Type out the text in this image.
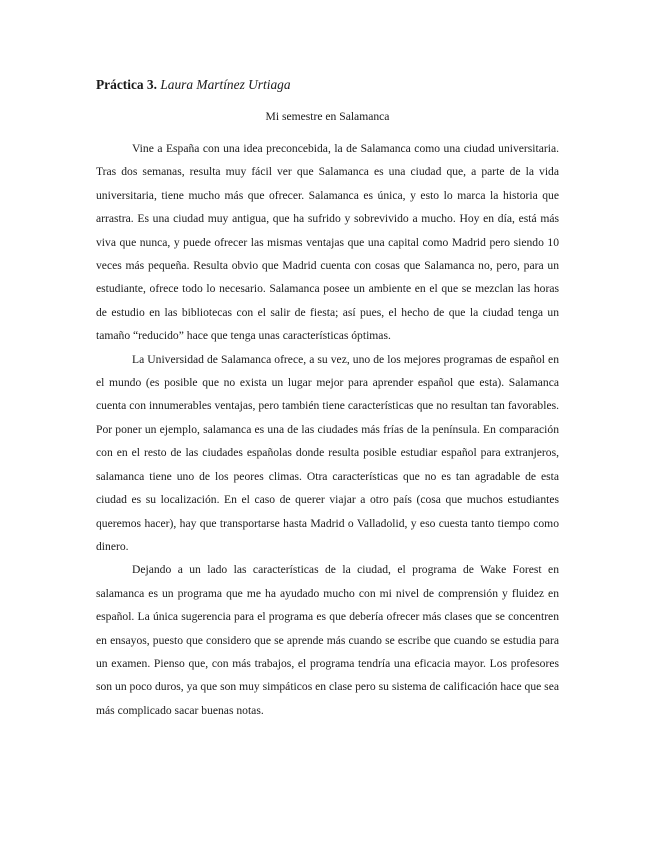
Práctica 3. Laura Martínez Urtiaga

Mi semestre en Salamanca

Vine a España con una idea preconcebida, la de Salamanca como una ciudad universitaria. Tras dos semanas, resulta muy fácil ver que Salamanca es una ciudad que, a parte de la vida universitaria, tiene mucho más que ofrecer. Salamanca es única, y esto lo marca la historia que arrastra. Es una ciudad muy antigua, que ha sufrido y sobrevivido a mucho. Hoy en día, está más viva que nunca, y puede ofrecer las mismas ventajas que una capital como Madrid pero siendo 10 veces más pequeña. Resulta obvio que Madrid cuenta con cosas que Salamanca no, pero, para un estudiante, ofrece todo lo necesario. Salamanca posee un ambiente en el que se mezclan las horas de estudio en las bibliotecas con el salir de fiesta; así pues, el hecho de que la ciudad tenga un tamaño “reducido” hace que tenga unas características óptimas.

La Universidad de Salamanca ofrece, a su vez, uno de los mejores programas de español en el mundo (es posible que no exista un lugar mejor para aprender español que esta). Salamanca cuenta con innumerables ventajas, pero también tiene características que no resultan tan favorables. Por poner un ejemplo, salamanca es una de las ciudades más frías de la península. En comparación con en el resto de las ciudades españolas donde resulta posible estudiar español para extranjeros, salamanca tiene uno de los peores climas. Otra características que no es tan agradable de esta ciudad es su localización. En el caso de querer viajar a otro país (cosa que muchos estudiantes queremos hacer), hay que transportarse hasta Madrid o Valladolid, y eso cuesta tanto tiempo como dinero.

Dejando a un lado las características de la ciudad, el programa de Wake Forest en salamanca es un programa que me ha ayudado mucho con mi nivel de comprensión y fluidez en español. La única sugerencia para el programa es que debería ofrecer más clases que se concentren en ensayos, puesto que considero que se aprende más cuando se escribe que cuando se estudia para un examen. Pienso que, con más trabajos, el programa tendría una eficacia mayor. Los profesores son un poco duros, ya que son muy simpáticos en clase pero su sistema de calificación hace que sea más complicado sacar buenas notas.
